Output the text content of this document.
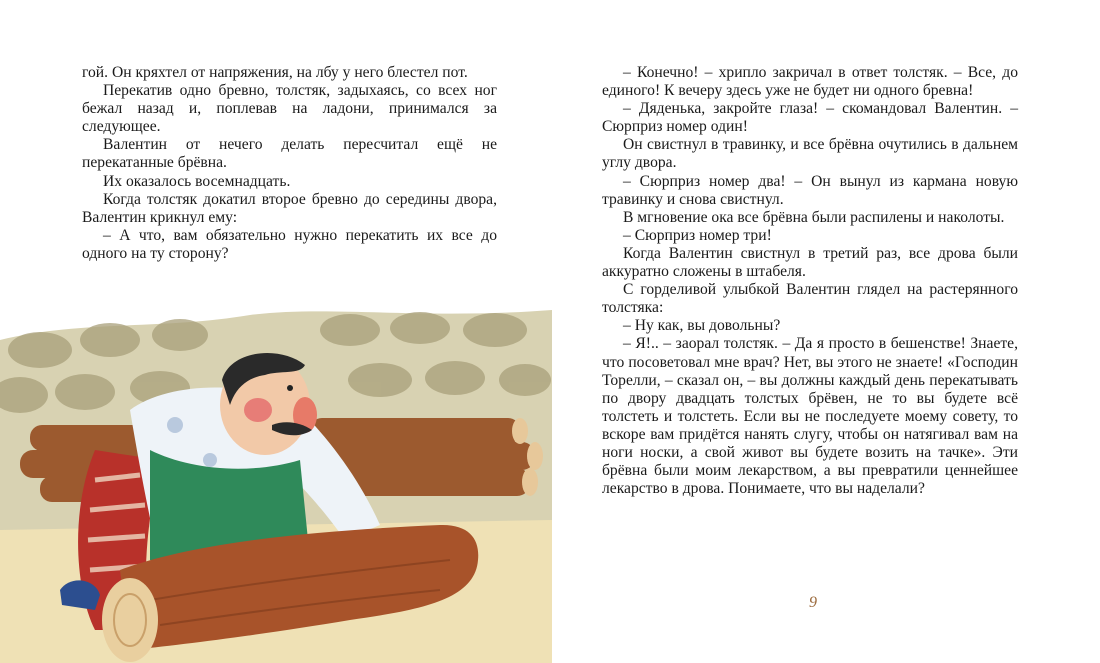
гой. Он кряхтел от напряжения, на лбу у него блестел пот.

Перекатив одно бревно, толстяк, задыхаясь, со всех ног бежал назад и, поплевав на ладони, принимался за следующее.

Валентин от нечего делать пересчитал ещё не перекатанные брёвна.

Их оказалось восемнадцать.

Когда толстяк докатил второе бревно до середины двора, Валентин крикнул ему:

– А что, вам обязательно нужно перекатить их все до одного на ту сторону?

– Конечно! – хрипло закричал в ответ толстяк. – Все, до единого! К вечеру здесь уже не будет ни одного бревна!

– Дяденька, закройте глаза! – скомандовал Валентин. – Сюрприз номер один!

Он свистнул в травинку, и все брёвна очутились в дальнем углу двора.

– Сюрприз номер два! – Он вынул из кармана новую травинку и снова свистнул.

В мгновение ока все брёвна были распилены и наколоты.

– Сюрприз номер три!

Когда Валентин свистнул в третий раз, все дрова были аккуратно сложены в штабеля.

С горделивой улыбкой Валентин глядел на растерянного толстяка:

– Ну как, вы довольны?

– Я!.. – заорал толстяк. – Да я просто в бешенстве! Знаете, что посоветовал мне врач? Нет, вы этого не знаете! «Господин Торелли, – сказал он, – вы должны каждый день перекатывать по двору двадцать толстых брёвен, не то вы будете всё толстеть и толстеть. Если вы не последуете моему совету, то вскоре вам придётся нанять слугу, чтобы он натягивал вам на ноги носки, а свой живот вы будете возить на тачке». Эти брёвна были моим лекарством, а вы превратили ценнейшее лекарство в дрова. Понимаете, что вы наделали?

9
